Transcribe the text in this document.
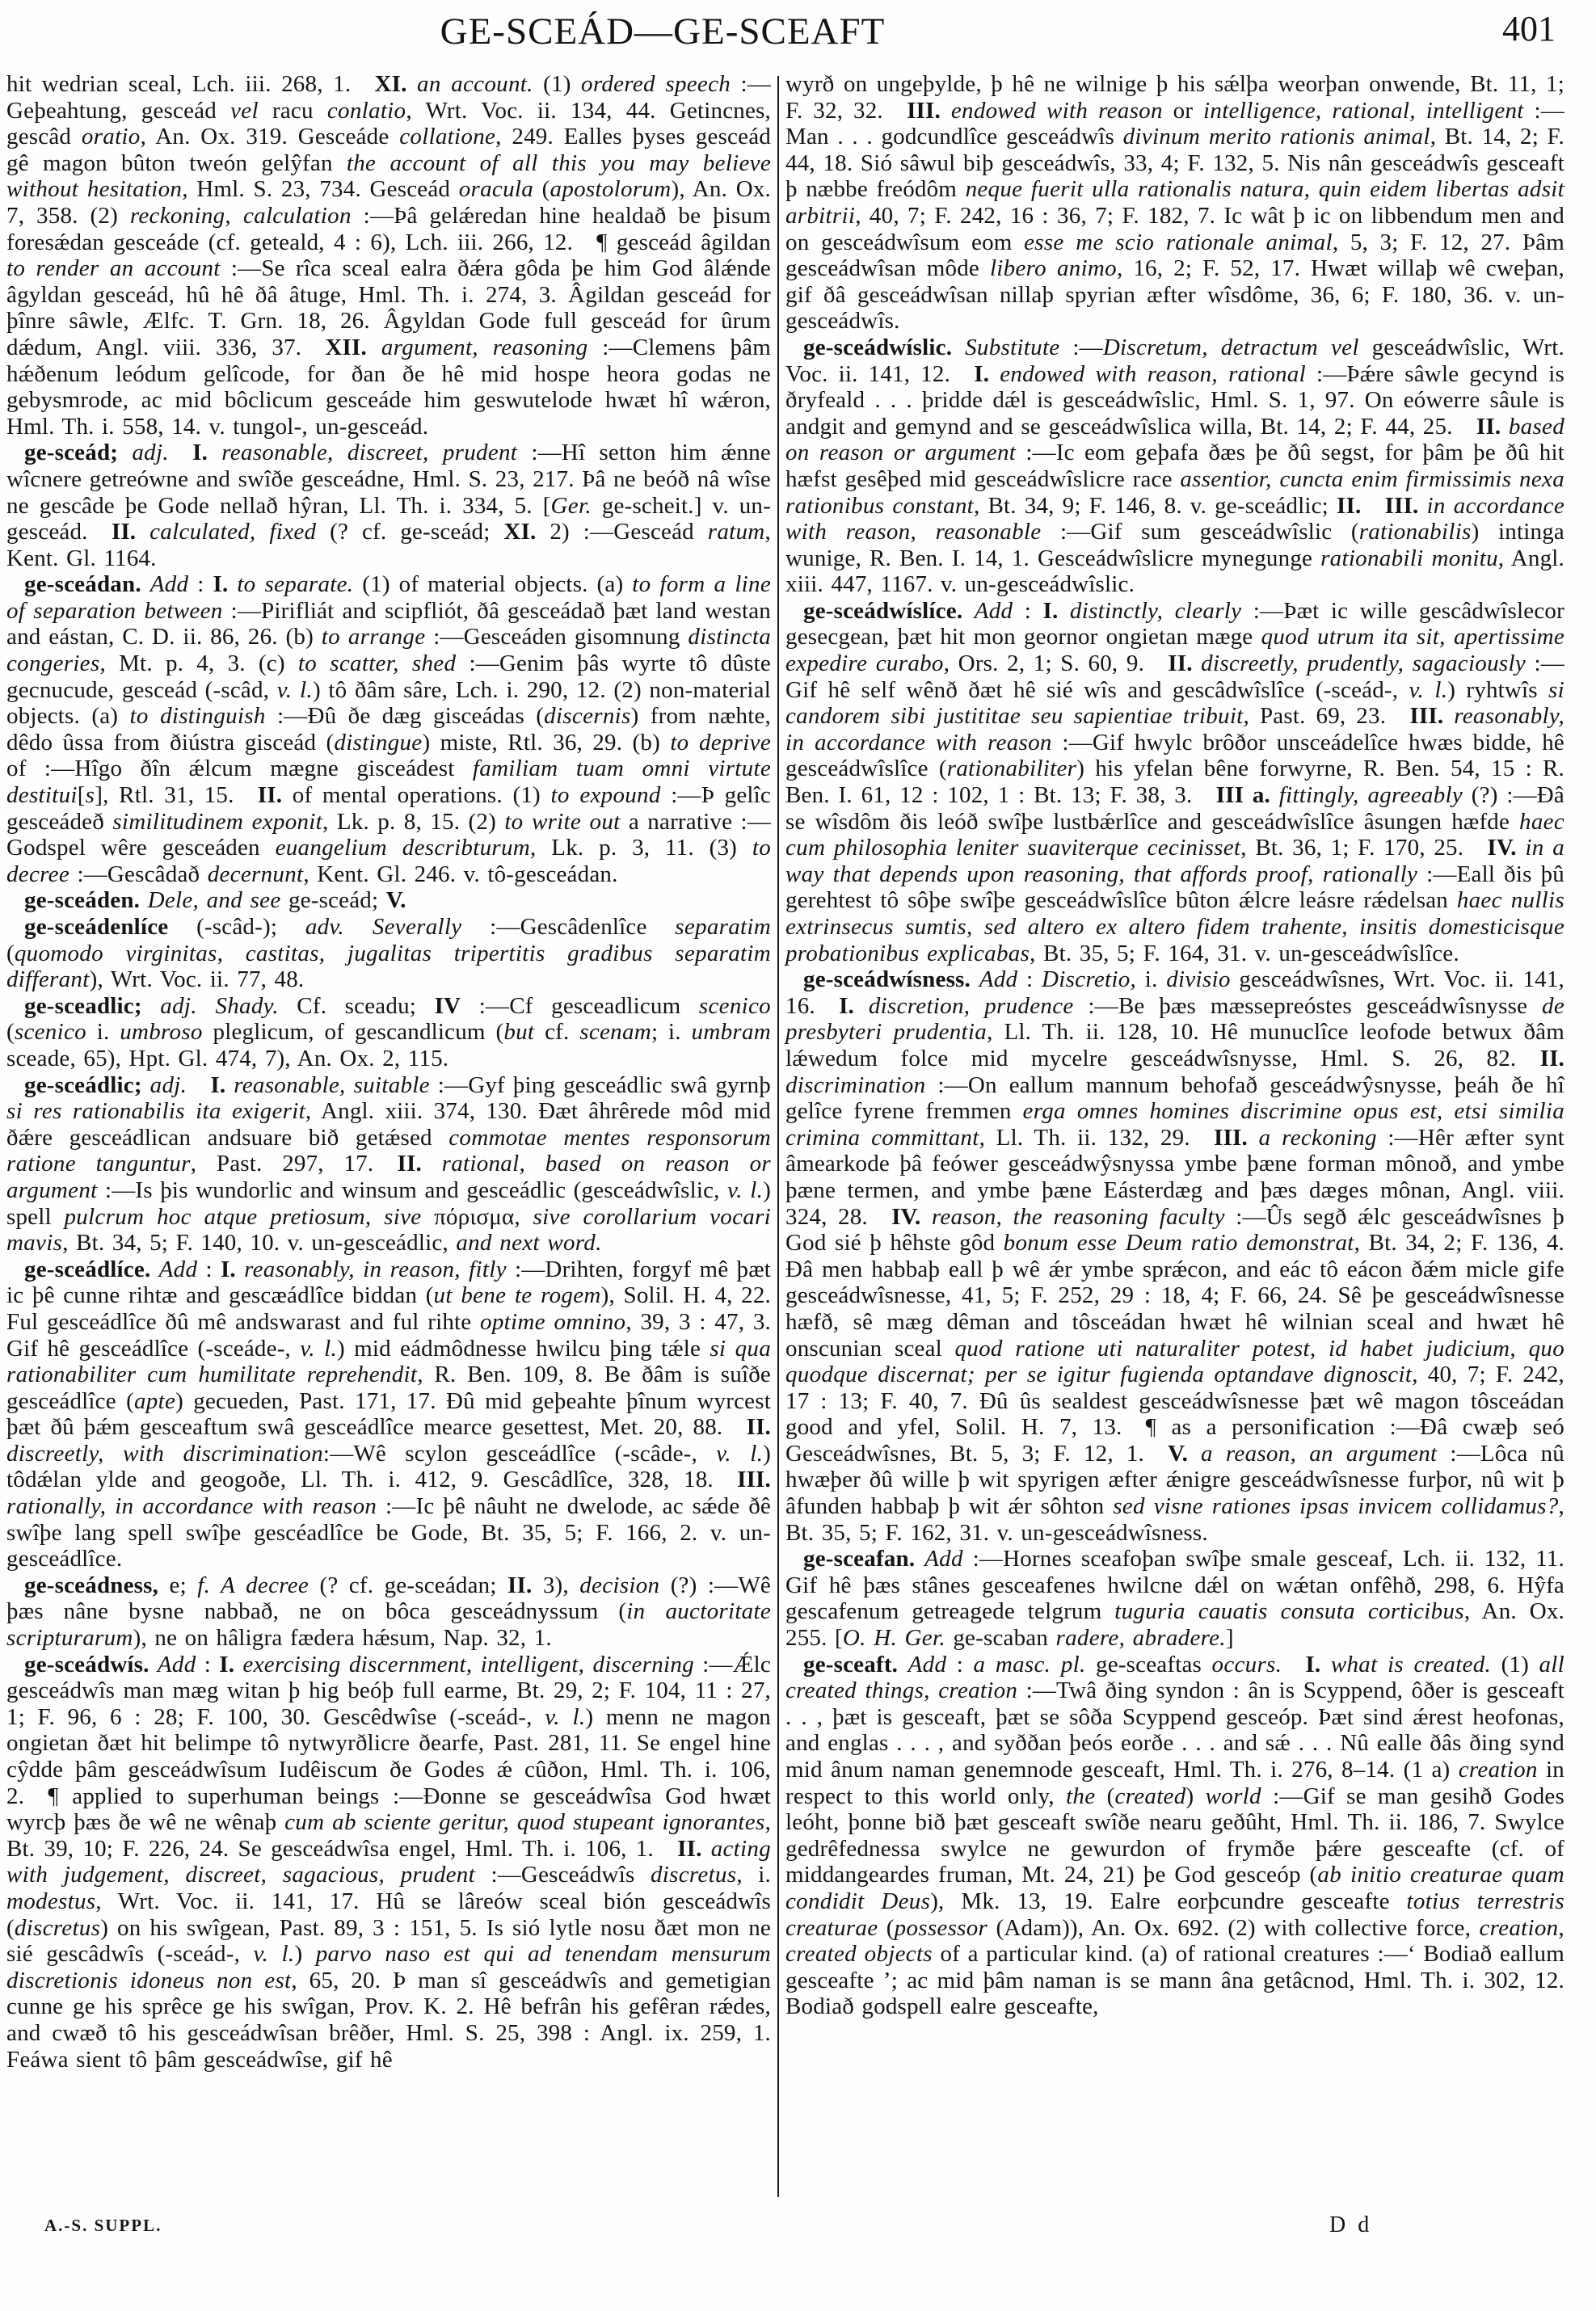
GE-SCEÁD—GE-SCEAFT	401

hit wedrian sceal, Lch. iii. 268, 1. XI. an account. (1) ordered speech :—Geþeahtung, gesceád vel racu conlatio, Wrt. Voc. ii. 134, 44. Getincnes, gescâd oratio, An. Ox. 319. Gesceáde collatione, 249. Ealles þyses gesceád gê magon bûton tweón gelŷfan the account of all this you may believe without hesitation, Hml. S. 23, 734. Gesceád oracula (apostolorum), An. Ox. 7, 358. (2) reckoning, calculation :—Þâ gelǽredan hine healdað be þisum foresǽdan gesceáde (cf. geteald, 4 : 6), Lch. iii. 266, 12. ¶ gesceád âgildan to render an account :—Se rîca sceal ealra ðǽra gôda þe him God âlǽnde âgyldan gesceád, hû hê ðâ âtuge, Hml. Th. i. 274, 3. Âgildan gesceád for þînre sâwle, Ælfc. T. Grn. 18, 26. Âgyldan Gode full gesceád for ûrum dǽdum, Angl. viii. 336, 37. XII. argument, reasoning :—Clemens þâm hǽðenum leódum gelîcode, for ðan ðe hê mid hospe heora godas ne gebysmrode, ac mid bôclicum gesceáde him geswutelode hwæt hî wǽron, Hml. Th. i. 558, 14. v. tungol-, un-gesceád.

ge-sceád; adj.  I. reasonable, discreet, prudent :—Hî setton him ǽnne wîcnere getreówne and swîðe gesceádne, Hml. S. 23, 217. Þâ ne beóð nâ wîse ne gescâde þe Gode nellað hŷran, Ll. Th. i. 334, 5. [Ger. ge-scheit.] v. un-gesceád. II. calculated, fixed (? cf. ge-sceád; XI. 2) :—Gesceád ratum, Kent. Gl. 1164.

ge-sceádan. Add : I. to separate. (1) of material objects. (a) to form a line of separation between :—Pirifliát and scipfliót, ðâ gesceádað þæt land westan and eástan, C. D. ii. 86, 26. (b) to arrange :—Gesceáden gisomnung distincta congeries, Mt. p. 4, 3. (c) to scatter, shed :—Genim þâs wyrte tô dûste gecnucude, gesceád (-scâd, v. l.) tô ðâm sâre, Lch. i. 290, 12. (2) non-material objects. (a) to distinguish :—Ðû ðe dæg gisceádas (discernis) from næhte, dêdo ûssa from ðiústra gisceád (distingue) miste, Rtl. 36, 29. (b) to deprive of :—Hîgo ðîn ǽlcum mægne gisceádest familiam tuam omni virtute destitui[s], Rtl. 31, 15. II. of mental operations. (1) to expound :—Þ gelîc gesceádeð similitudinem exponit, Lk. p. 8, 15. (2) to write out a narrative :—Godspel wêre gesceáden euangelium describturum, Lk. p. 3, 11. (3) to decree :—Gescâdað decernunt, Kent. Gl. 246. v. tô-gesceádan.

ge-sceáden. Dele, and see ge-sceád; V.

ge-sceádenlíce (-scâd-); adv. Severally :—Gescâdenlîce separatim (quomodo virginitas, castitas, jugalitas tripertitis gradibus separatim differant), Wrt. Voc. ii. 77, 48.

ge-sceadlic; adj. Shady. Cf. sceadu; IV :—Cf gesceadlicum scenico (scenico i. umbroso pleglicum, of gescandlicum (but cf. scenam; i. umbram sceade, 65), Hpt. Gl. 474, 7), An. Ox. 2, 115.

ge-sceádlic; adj.  I. reasonable, suitable :—Gyf þing gesceádlic swâ gyrnþ si res rationabilis ita exigerit, Angl. xiii. 374, 130. Ðæt âhrêrede môd mid ðǽre gesceádlican andsuare bið getǽsed commotae mentes responsorum ratione tanguntur, Past. 297, 17. II. rational, based on reason or argument :—Is þis wundorlic and winsum and gesceádlic (gesceádwîslic, v. l.) spell pulcrum hoc atque pretiosum, sive πόρισμα, sive corollarium vocari mavis, Bt. 34, 5; F. 140, 10. v. un-gesceádlic, and next word.

ge-sceádlíce. Add : I. reasonably, in reason, fitly :—Drihten, forgyf mê þæt ic þê cunne rihtæ and gescæádlîce biddan (ut bene te rogem), Solil. H. 4, 22. Ful gesceádlîce ðû mê andswarast and ful rihte optime omnino, 39, 3 : 47, 3. Gif hê gesceádlîce (-sceáde-, v. l.) mid eádmôdnesse hwilcu þing tǽle si qua rationabiliter cum humilitate reprehendit, R. Ben. 109, 8. Be ðâm is suîðe gesceádlîce (apte) gecueden, Past. 171, 17. Ðû mid geþeahte þînum wyrcest þæt ðû þǽm gesceaftum swâ gesceádlîce mearce gesettest, Met. 20, 88. II. discreetly, with discrimination:—Wê scylon gesceádlîce (-scâde-, v. l.) tôdǽlan ylde and geogoðe, Ll. Th. i. 412, 9. Gescâdlîce, 328, 18. III. rationally, in accordance with reason :—Ic þê nâuht ne dwelode, ac sǽde ðê swîþe lang spell swîþe gescéadlîce be Gode, Bt. 35, 5; F. 166, 2. v. un-gesceádlîce.

ge-sceádness, e; f. A decree (? cf. ge-sceádan; II. 3), decision (?) :—Wê þæs nâne bysne nabbað, ne on bôca gesceádnyssum (in auctoritate scripturarum), ne on hâligra fædera hǽsum, Nap. 32, 1.

ge-sceádwís. Add : I. exercising discernment, intelligent, discerning :—Ǽlc gesceádwîs man mæg witan þ hig beóþ full earme, Bt. 29, 2; F. 104, 11 : 27, 1; F. 96, 6 : 28; F. 100, 30. Gescêdwîse (-sceád-, v. l.) menn ne magon ongietan ðæt hit belimpe tô nytwyrðlicre ðearfe, Past. 281, 11. Se engel hine cŷdde þâm gesceádwîsum Iudêiscum ðe Godes ǽ cûðon, Hml. Th. i. 106, 2. ¶ applied to superhuman beings :—Ðonne se gesceádwîsa God hwæt wyrcþ þæs ðe wê ne wênaþ cum ab sciente geritur, quod stupeant ignorantes, Bt. 39, 10; F. 226, 24. Se gesceádwîsa engel, Hml. Th. i. 106, 1. II. acting with judgement, discreet, sagacious, prudent :—Gesceádwîs discretus, i. modestus, Wrt. Voc. ii. 141, 17. Hû se lâreów sceal bión gesceádwîs (discretus) on his swîgean, Past. 89, 3 : 151, 5. Is sió lytle nosu ðæt mon ne sié gescâdwîs (-sceád-, v. l.) parvo naso est qui ad tenendam mensurum discretionis idoneus non est, 65, 20. Þ man sî gesceádwîs and gemetigian cunne ge his sprêce ge his swîgan, Prov. K. 2. Hê befrân his gefêran rǽdes, and cwæð tô his gesceádwîsan brêðer, Hml. S. 25, 398 : Angl. ix. 259, 1. Feáwa sient tô þâm gesceádwîse, gif hê

wyrð on ungeþylde, þ hê ne wilnige þ his sǽlþa weorþan onwende, Bt. 11, 1; F. 32, 32. III. endowed with reason or intelligence, rational, intelligent :—Man . . . godcundlîce gesceádwîs divinum merito rationis animal, Bt. 14, 2; F. 44, 18. Sió sâwul biþ gesceádwîs, 33, 4; F. 132, 5. Nis nân gesceádwîs gesceaft þ næbbe freódôm neque fuerit ulla rationalis natura, quin eidem libertas adsit arbitrii, 40, 7; F. 242, 16 : 36, 7; F. 182, 7. Ic wât þ ic on libbendum men and on gesceádwîsum eom esse me scio rationale animal, 5, 3; F. 12, 27. Þâm gesceádwîsan môde libero animo, 16, 2; F. 52, 17. Hwæt willaþ wê cweþan, gif ðâ gesceádwîsan nillaþ spyrian æfter wîsdôme, 36, 6; F. 180, 36. v. un-gesceádwîs.

ge-sceádwíslic. Substitute :—Discretum, detractum vel gesceádwîslic, Wrt. Voc. ii. 141, 12. I. endowed with reason, rational :—Þǽre sâwle gecynd is ðryfeald . . . þridde dǽl is gesceádwîslic, Hml. S. 1, 97. On eówerre sâule is andgit and gemynd and se gesceádwîslica willa, Bt. 14, 2; F. 44, 25. II. based on reason or argument :—Ic eom geþafa ðæs þe ðû segst, for þâm þe ðû hit hæfst gesêþed mid gesceádwîslicre race assentior, cuncta enim firmissimis nexa rationibus constant, Bt. 34, 9; F. 146, 8. v. ge-sceádlic; II.  III. in accordance with reason, reasonable :—Gif sum gesceádwîslic (rationabilis) intinga wunige, R. Ben. I. 14, 1. Gesceádwîslicre mynegunge rationabili monitu, Angl. xiii. 447, 1167. v. un-gesceádwîslic.

ge-sceádwíslíce. Add : I. distinctly, clearly :—Þæt ic wille gescâdwîslecor gesecgean, þæt hit mon geornor ongietan mæge quod utrum ita sit, apertissime expedire curabo, Ors. 2, 1; S. 60, 9. II. discreetly, prudently, sagaciously :—Gif hê self wênð ðæt hê sié wîs and gescâdwîslîce (-sceád-, v. l.) ryhtwîs si candorem sibi justititae seu sapientiae tribuit, Past. 69, 23. III. reasonably, in accordance with reason :—Gif hwylc brôðor unsceádelîce hwæs bidde, hê gesceádwîslîce (rationabiliter) his yfelan bêne forwyrne, R. Ben. 54, 15 : R. Ben. I. 61, 12 : 102, 1 : Bt. 13; F. 38, 3. III a. fittingly, agreeably (?) :—Ðâ se wîsdôm ðis leóð swîþe lustbǽrlîce and gesceádwîslîce âsungen hæfde haec cum philosophia leniter suaviterque cecinisset, Bt. 36, 1; F. 170, 25. IV. in a way that depends upon reasoning, that affords proof, rationally :—Eall ðis þû gerehtest tô sôþe swîþe gesceádwîslîce bûton ǽlcre leásre rǽdelsan haec nullis extrinsecus sumtis, sed altero ex altero fidem trahente, insitis domesticisque probationibus explicabas, Bt. 35, 5; F. 164, 31. v. un-gesceádwîslîce.

ge-sceádwísness. Add : Discretio, i. divisio gesceádwîsnes, Wrt. Voc. ii. 141, 16. I. discretion, prudence :—Be þæs mæssepreóstes gesceádwîsnysse de presbyteri prudentia, Ll. Th. ii. 128, 10. Hê munuclîce leofode betwux ðâm lǽwedum folce mid mycelre gesceádwîsnysse, Hml. S. 26, 82. II. discrimination :—On eallum mannum behofað gesceádwŷsnysse, þeáh ðe hî gelîce fyrene fremmen erga omnes homines discrimine opus est, etsi similia crimina committant, Ll. Th. ii. 132, 29. III. a reckoning :—Hêr æfter synt âmearkode þâ feówer gesceádwŷsnyssa ymbe þæne forman mônoð, and ymbe þæne termen, and ymbe þæne Eásterdæg and þæs dæges mônan, Angl. viii. 324, 28. IV. reason, the reasoning faculty :—Ûs segð ǽlc gesceádwîsnes þ God sié þ hêhste gôd bonum esse Deum ratio demonstrat, Bt. 34, 2; F. 136, 4. Ðâ men habbaþ eall þ wê ǽr ymbe sprǽcon, and eác tô eácon ðǽm micle gife gesceádwîsnesse, 41, 5; F. 252, 29 : 18, 4; F. 66, 24. Sê þe gesceádwîsnesse hæfð, sê mæg dêman and tôsceádan hwæt hê wilnian sceal and hwæt hê onscunian sceal quod ratione uti naturaliter potest, id habet judicium, quo quodque discernat; per se igitur fugienda optandave dignoscit, 40, 7; F. 242, 17 : 13; F. 40, 7. Ðû ûs sealdest gesceádwîsnesse þæt wê magon tôsceádan good and yfel, Solil. H. 7, 13. ¶ as a personification :—Ðâ cwæþ seó Gesceádwîsnes, Bt. 5, 3; F. 12, 1. V. a reason, an argument :—Lôca nû hwæþer ðû wille þ wit spyrigen æfter ǽnigre gesceádwîsnesse furþor, nû wit þ âfunden habbaþ þ wit ǽr sôhton sed visne rationes ipsas invicem collidamus?, Bt. 35, 5; F. 162, 31. v. un-gesceádwîsness.

ge-sceafan. Add :—Hornes sceafoþan swîþe smale gesceaf, Lch. ii. 132, 11. Gif hê þæs stânes gesceafenes hwilcne dǽl on wǽtan onfêhð, 298, 6. Hŷfa gescafenum getreagede telgrum tuguria cauatis consuta corticibus, An. Ox. 255. [O. H. Ger. ge-scaban radere, abradere.]

ge-sceaft. Add : a masc. pl. ge-sceaftas occurs.  I. what is created. (1) all created things, creation :—Twâ ðing syndon : ân is Scyppend, ôðer is gesceaft . . , þæt is gesceaft, þæt se sôða Scyppend gesceóp. Þæt sind ǽrest heofonas, and englas . . . , and syððan þeós eorðe . . . and sǽ . . . Nû ealle ðâs ðing synd mid ânum naman genemnode gesceaft, Hml. Th. i. 276, 8–14. (1 a) creation in respect to this world only, the (created) world :—Gif se man gesihð Godes leóht, þonne bið þæt gesceaft swîðe nearu geðûht, Hml. Th. ii. 186, 7. Swylce gedrêfednessa swylce ne gewurdon of frymðe þǽre gesceafte (cf. of middangeardes fruman, Mt. 24, 21) þe God gesceóp (ab initio creaturae quam condidit Deus), Mk. 13, 19. Ealre eorþcundre gesceafte totius terrestris creaturae (possessor (Adam)), An. Ox. 692. (2) with collective force, creation, created objects of a particular kind. (a) of rational creatures :—‘ Bodiað eallum gesceafte ’; ac mid þâm naman is se mann âna getâcnod, Hml. Th. i. 302, 12. Bodiað godspell ealre gesceafte,

A.-S. SUPPL.	D d
